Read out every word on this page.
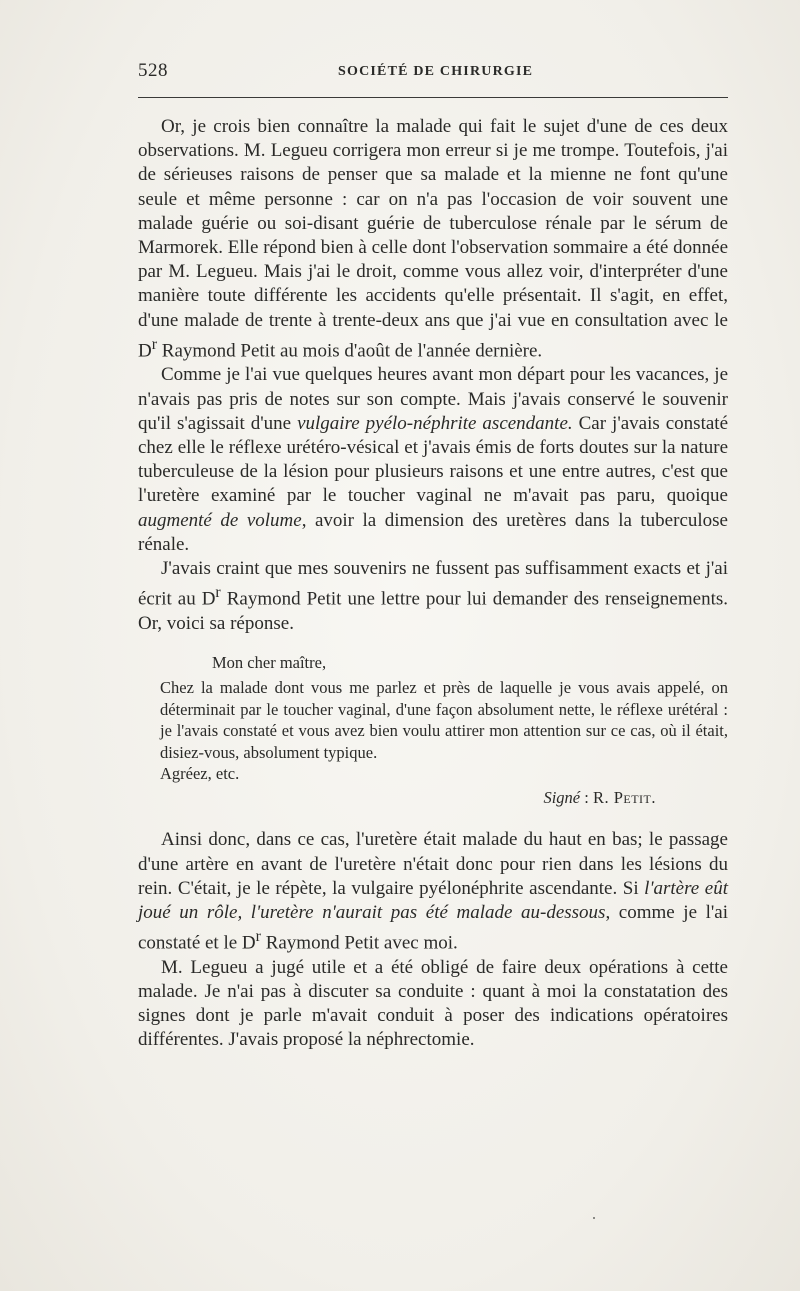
528	SOCIÉTÉ DE CHIRURGIE

Or, je crois bien connaître la malade qui fait le sujet d'une de ces deux observations. M. Legueu corrigera mon erreur si je me trompe. Toutefois, j'ai de sérieuses raisons de penser que sa malade et la mienne ne font qu'une seule et même personne : car on n'a pas l'occasion de voir souvent une malade guérie ou soi-disant guérie de tuberculose rénale par le sérum de Marmorek. Elle répond bien à celle dont l'observation sommaire a été donnée par M. Legueu. Mais j'ai le droit, comme vous allez voir, d'interpréter d'une manière toute différente les accidents qu'elle présentait. Il s'agit, en effet, d'une malade de trente à trente-deux ans que j'ai vue en consultation avec le $D^r$ Raymond Petit au mois d'août de l'année dernière.

Comme je l'ai vue quelques heures avant mon départ pour les vacances, je n'avais pas pris de notes sur son compte. Mais j'avais conservé le souvenir qu'il s'agissait d'une vulgaire pyélo-néphrite ascendante. Car j'avais constaté chez elle le réflexe urétéro-vésical et j'avais émis de forts doutes sur la nature tuberculeuse de la lésion pour plusieurs raisons et une entre autres, c'est que l'uretère examiné par le toucher vaginal ne m'avait pas paru, quoique augmenté de volume, avoir la dimension des uretères dans la tuberculose rénale.

J'avais craint que mes souvenirs ne fussent pas suffisamment exacts et j'ai écrit au $D^r$ Raymond Petit une lettre pour lui demander des renseignements. Or, voici sa réponse.

Mon cher maître,

Chez la malade dont vous me parlez et près de laquelle je vous avais appelé, on déterminait par le toucher vaginal, d'une façon absolument nette, le réflexe urétéral : je l'avais constaté et vous avez bien voulu attirer mon attention sur ce cas, où il était, disiez-vous, absolument typique.

Agréez, etc.

Signé : R. Petit.

Ainsi donc, dans ce cas, l'uretère était malade du haut en bas; le passage d'une artère en avant de l'uretère n'était donc pour rien dans les lésions du rein. C'était, je le répète, la vulgaire pyélonéphrite ascendante. Si l'artère eût joué un rôle, l'uretère n'aurait pas été malade au-dessous, comme je l'ai constaté et le $D^r$ Raymond Petit avec moi.

M. Legueu a jugé utile et a été obligé de faire deux opérations à cette malade. Je n'ai pas à discuter sa conduite : quant à moi la constatation des signes dont je parle m'avait conduit à poser des indications opératoires différentes. J'avais proposé la néphrectomie.
